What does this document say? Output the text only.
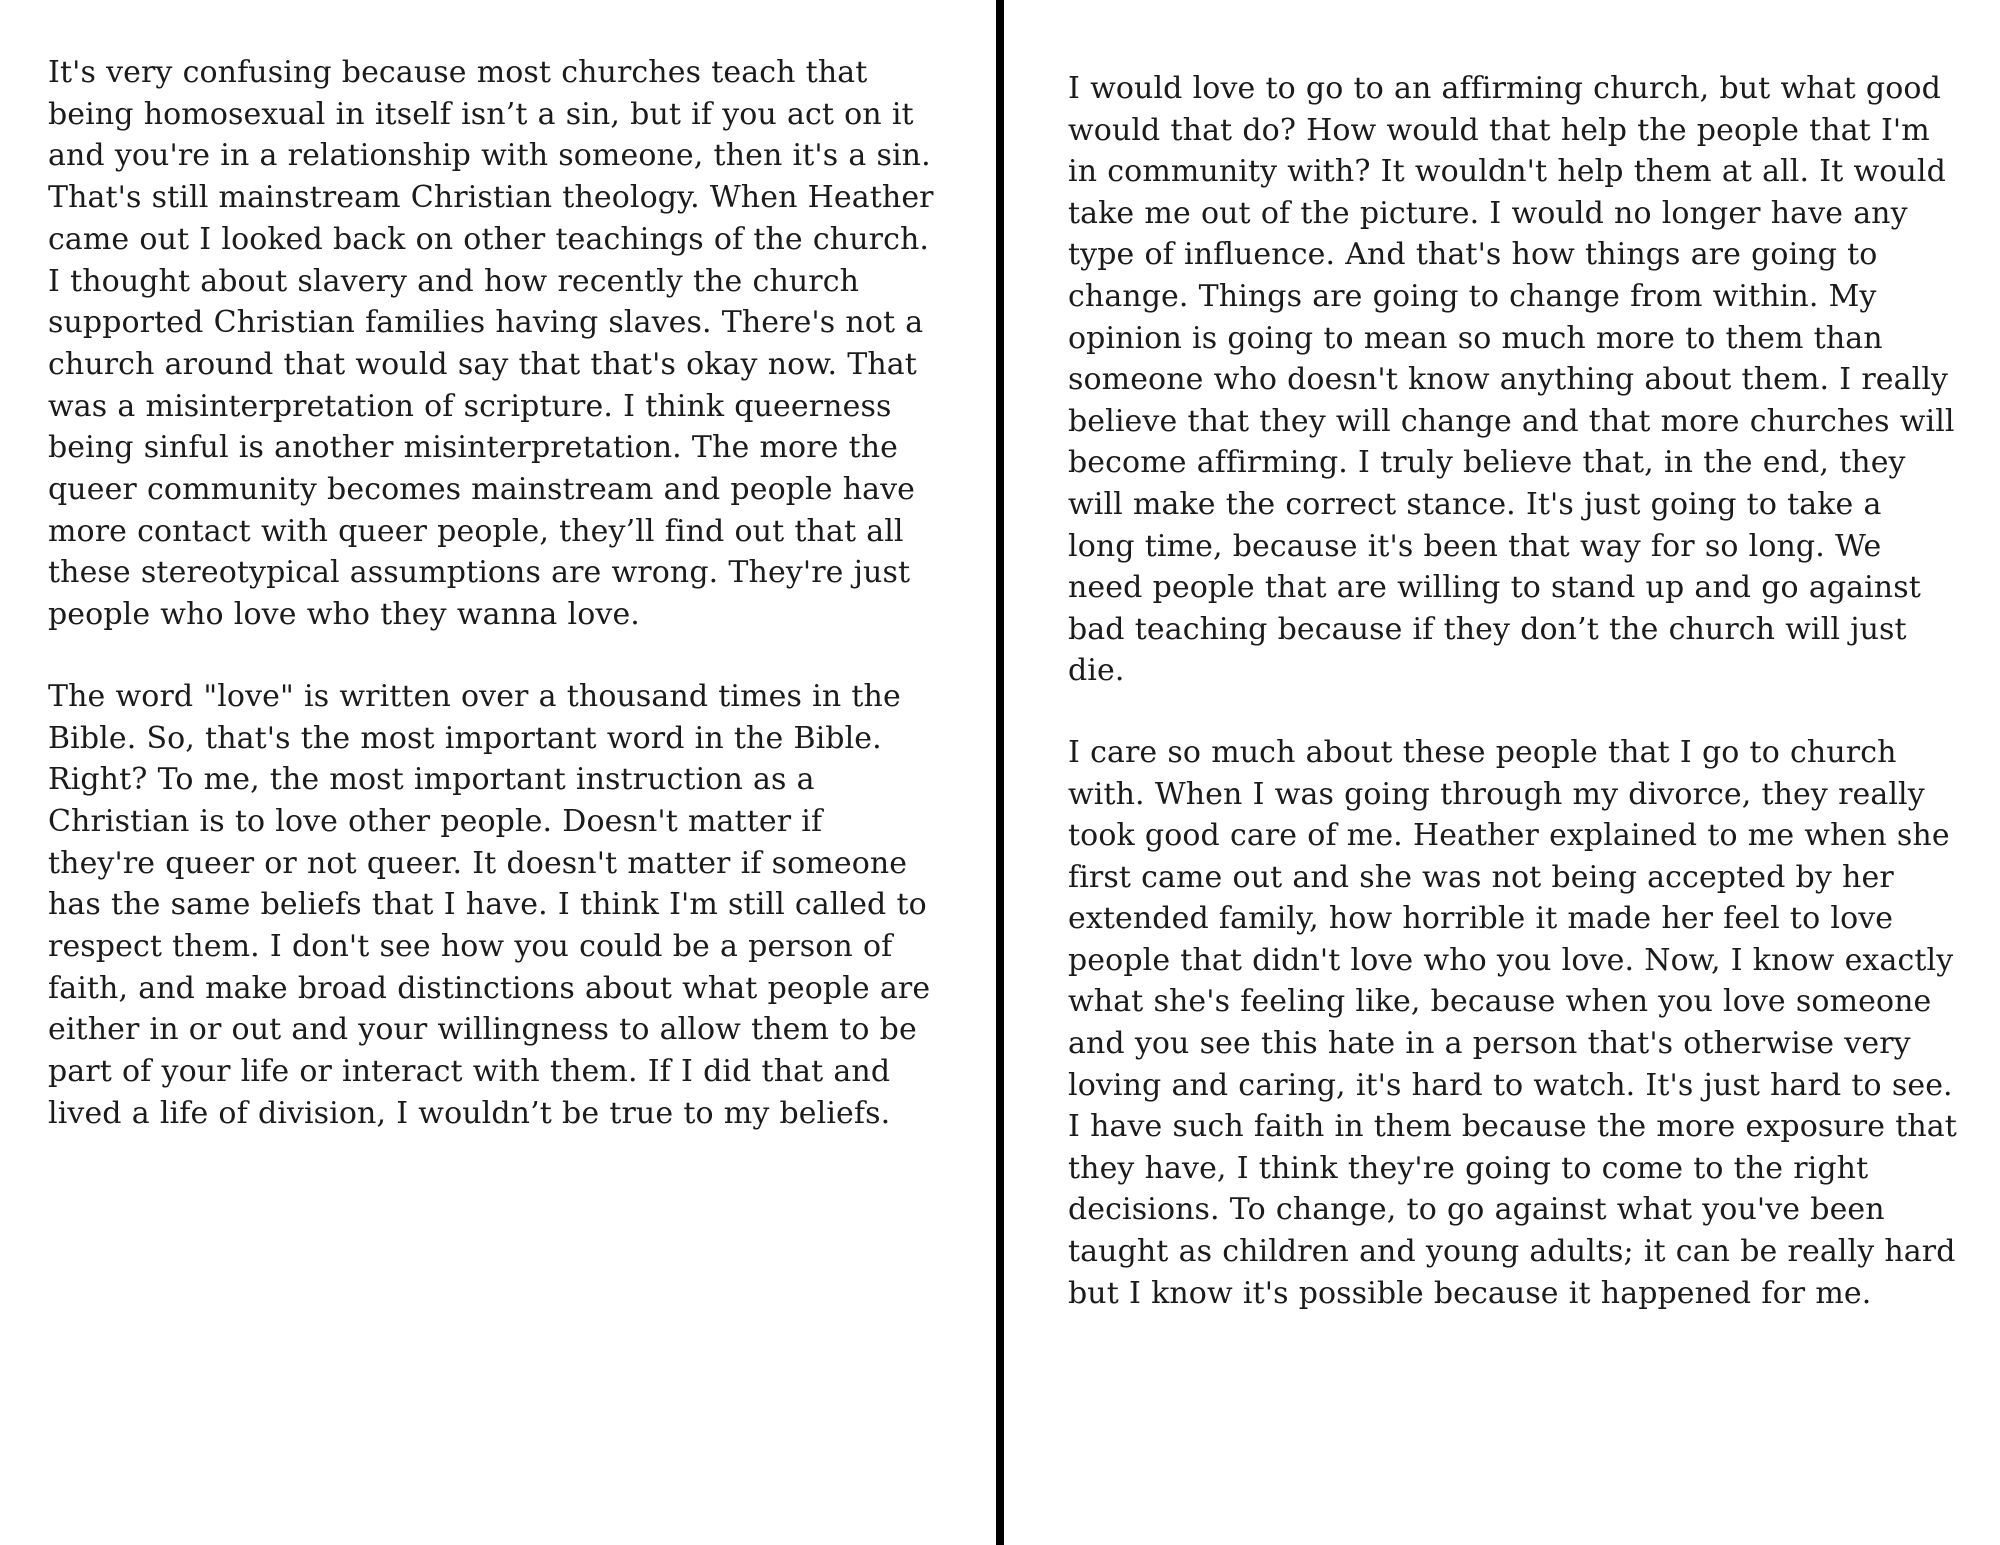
It's very confusing because most churches teach that being homosexual in itself isn’t a sin, but if you act on it and you're in a relationship with someone, then it's a sin. That's still mainstream Christian theology. When Heather came out I looked back on other teachings of the church. I thought about slavery and how recently the church supported Christian families having slaves. There's not a church around that would say that that's okay now. That was a misinterpretation of scripture. I think queerness being sinful is another misinterpretation. The more the queer community becomes mainstream and people have more contact with queer people, they’ll find out that all these stereotypical assumptions are wrong. They're just people who love who they wanna love.

The word "love" is written over a thousand times in the Bible. So, that's the most important word in the Bible. Right? To me, the most important instruction as a Christian is to love other people. Doesn't matter if they're queer or not queer. It doesn't matter if someone has the same beliefs that I have. I think I'm still called to respect them. I don't see how you could be a person of faith, and make broad distinctions about what people are either in or out and your willingness to allow them to be part of your life or interact with them. If I did that and lived a life of division, I wouldn’t be true to my beliefs.

I would love to go to an affirming church, but what good would that do? How would that help the people that I'm in community with? It wouldn't help them at all. It would take me out of the picture. I would no longer have any type of influence. And that's how things are going to change. Things are going to change from within. My opinion is going to mean so much more to them than someone who doesn't know anything about them. I really believe that they will change and that more churches will become affirming. I truly believe that, in the end, they will make the correct stance. It's just going to take a long time, because it's been that way for so long. We need people that are willing to stand up and go against bad teaching because if they don’t the church will just die.

I care so much about these people that I go to church with. When I was going through my divorce, they really took good care of me. Heather explained to me when she first came out and she was not being accepted by her extended family, how horrible it made her feel to love people that didn't love who you love. Now, I know exactly what she's feeling like, because when you love someone and you see this hate in a person that's otherwise very loving and caring, it's hard to watch. It's just hard to see. I have such faith in them because the more exposure that they have, I think they're going to come to the right decisions. To change, to go against what you've been taught as children and young adults; it can be really hard but I know it's possible because it happened for me.
